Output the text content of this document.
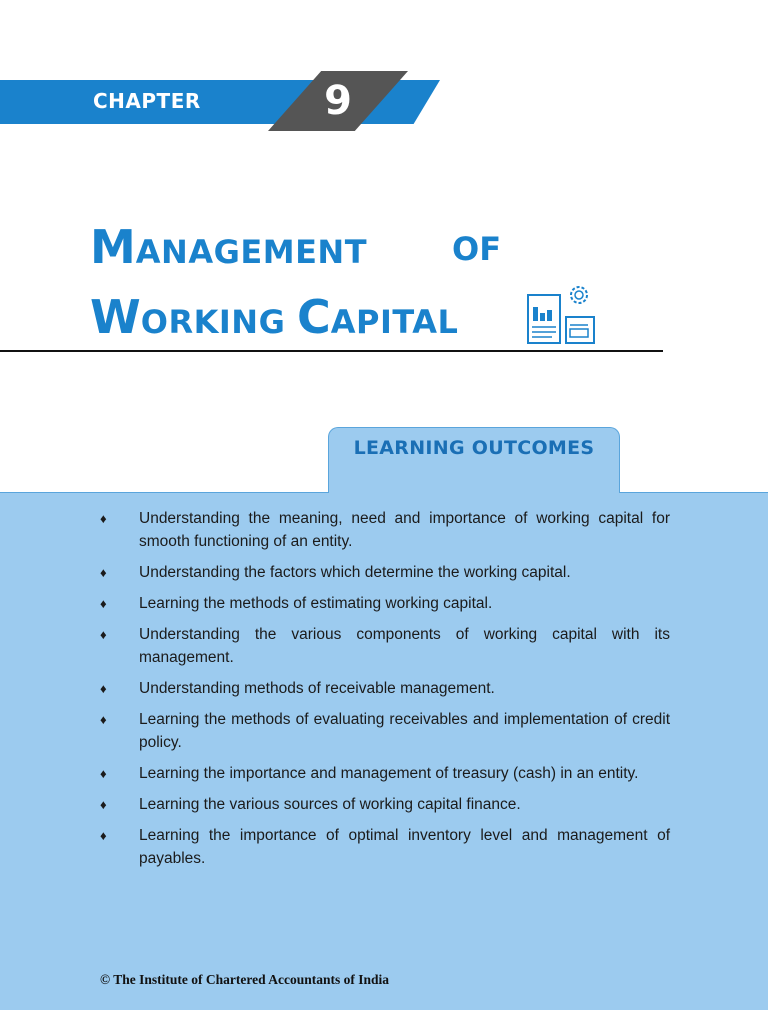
CHAPTER	9
MANAGEMENT	OF
WORKING CAPITAL
LEARNING OUTCOMES
♦ Understanding the meaning, need and importance of working capital for smooth functioning of an entity.
♦ Understanding the factors which determine the working capital.
♦ Learning the methods of estimating working capital.
♦ Understanding the various components of working capital with its management.
♦ Understanding methods of receivable management.
♦ Learning the methods of evaluating receivables and implementation of credit policy.
♦ Learning the importance and management of treasury (cash) in an entity.
♦ Learning the various sources of working capital finance.
♦ Learning the importance of optimal inventory level and management of payables.
© The Institute of Chartered Accountants of India
